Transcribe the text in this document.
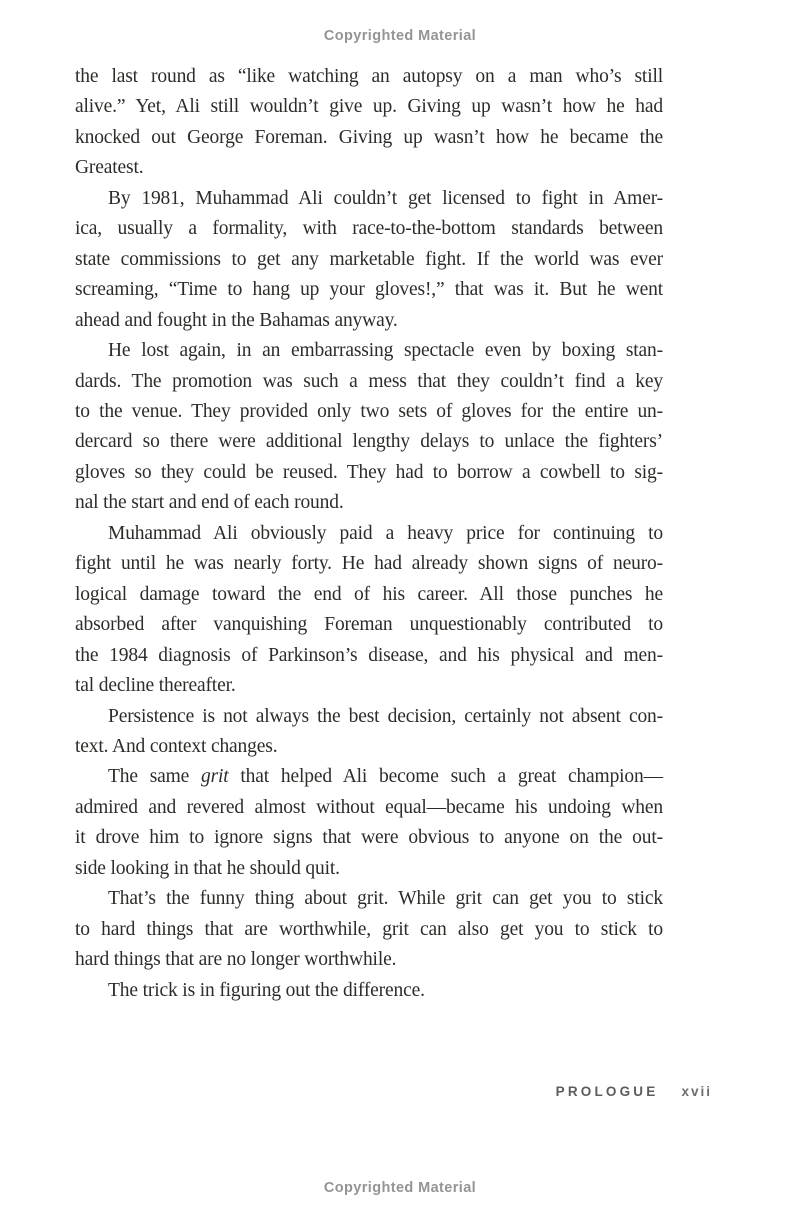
Copyrighted Material
the last round as “like watching an autopsy on a man who’s still
alive.” Yet, Ali still wouldn’t give up. Giving up wasn’t how he had
knocked out George Foreman. Giving up wasn’t how he became the
Greatest.
By 1981, Muhammad Ali couldn’t get licensed to fight in Amer-
ica, usually a formality, with race-to-the-bottom standards between
state commissions to get any marketable fight. If the world was ever
screaming, “Time to hang up your gloves!,” that was it. But he went
ahead and fought in the Bahamas anyway.
He lost again, in an embarrassing spectacle even by boxing stan-
dards. The promotion was such a mess that they couldn’t find a key
to the venue. They provided only two sets of gloves for the entire un-
dercard so there were additional lengthy delays to unlace the fighters’
gloves so they could be reused. They had to borrow a cowbell to sig-
nal the start and end of each round.
Muhammad Ali obviously paid a heavy price for continuing to
fight until he was nearly forty. He had already shown signs of neuro-
logical damage toward the end of his career. All those punches he
absorbed after vanquishing Foreman unquestionably contributed to
the 1984 diagnosis of Parkinson’s disease, and his physical and men-
tal decline thereafter.
Persistence is not always the best decision, certainly not absent con-
text. And context changes.
The same grit that helped Ali become such a great champion—
admired and revered almost without equal—became his undoing when
it drove him to ignore signs that were obvious to anyone on the out-
side looking in that he should quit.
That’s the funny thing about grit. While grit can get you to stick
to hard things that are worthwhile, grit can also get you to stick to
hard things that are no longer worthwhile.
The trick is in figuring out the difference.
PROLOGUE xvii
Copyrighted Material
